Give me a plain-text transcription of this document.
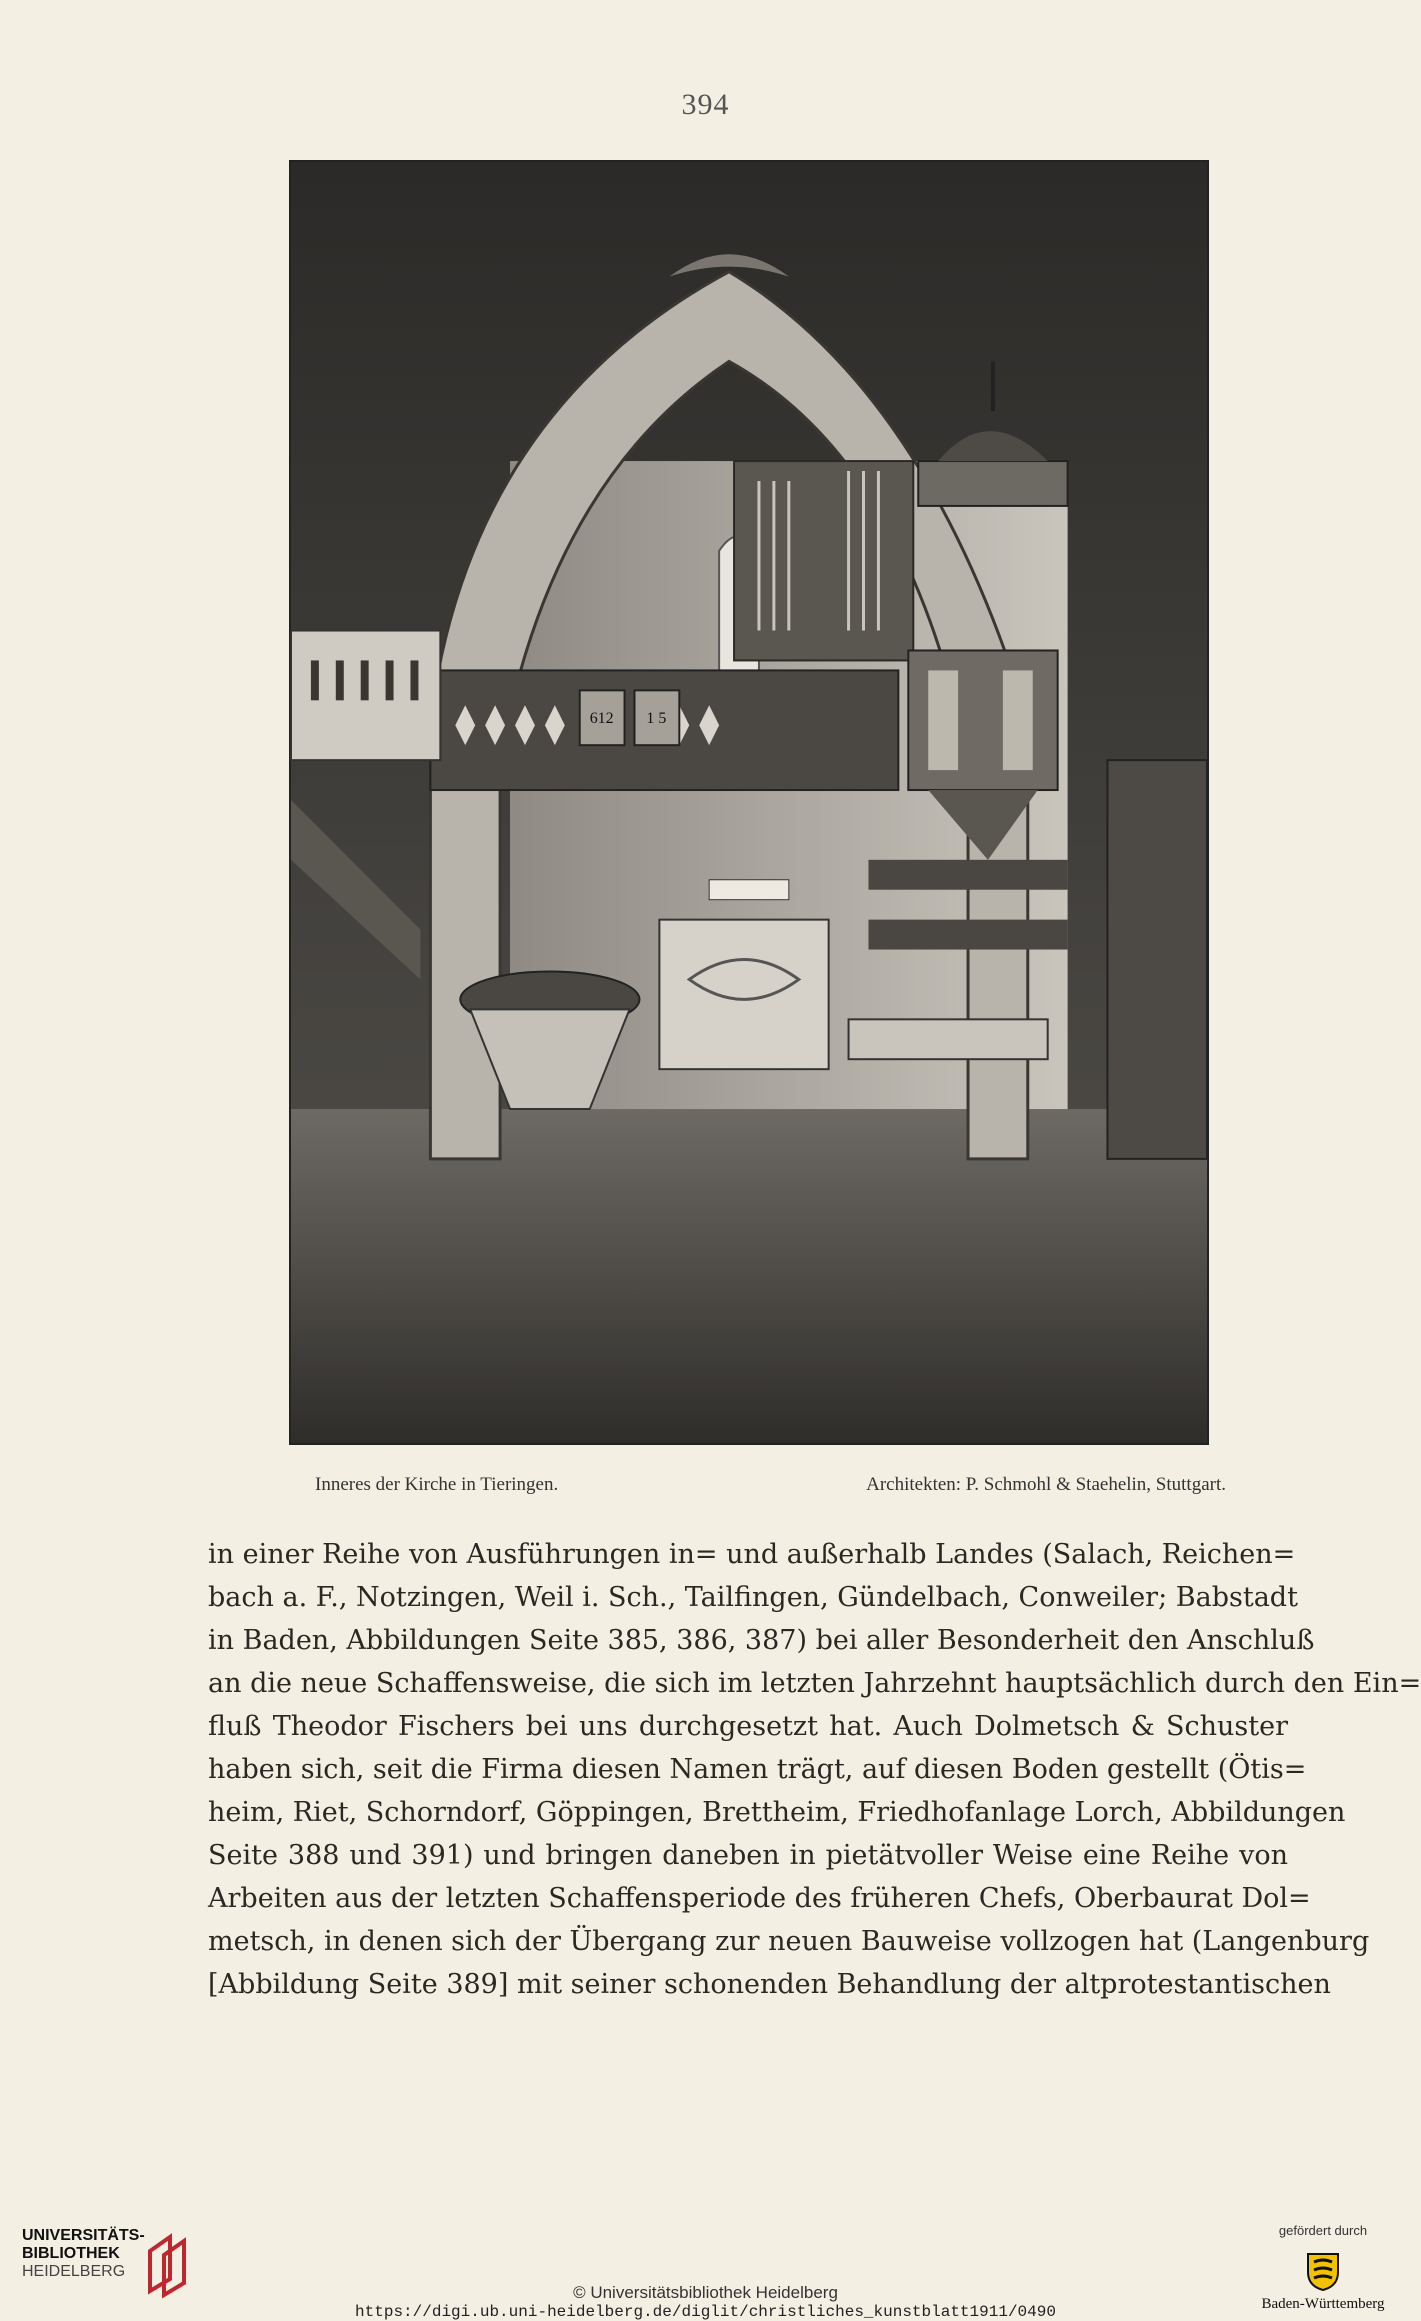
394
612 1 5
Inneres der Kirche in Tieringen.	Architekten: P. Schmohl & Staehelin, Stuttgart.
in einer Reihe von Ausführungen in= und außerhalb Landes (Salach, Reichen=
bach a. F., Notzingen, Weil i. Sch., Tailfingen, Gündelbach, Conweiler; Babstadt
in Baden, Abbildungen Seite 385, 386, 387) bei aller Besonderheit den Anschluß
an die neue Schaffensweise, die sich im letzten Jahrzehnt hauptsächlich durch den Ein=
fluß Theodor Fischers bei uns durchgesetzt hat. Auch Dolmetsch & Schuster
haben sich, seit die Firma diesen Namen trägt, auf diesen Boden gestellt (Ötis=
heim, Riet, Schorndorf, Göppingen, Brettheim, Friedhofanlage Lorch, Abbildungen
Seite 388 und 391) und bringen daneben in pietätvoller Weise eine Reihe von
Arbeiten aus der letzten Schaffensperiode des früheren Chefs, Oberbaurat Dol=
metsch, in denen sich der Übergang zur neuen Bauweise vollzogen hat (Langenburg
[Abbildung Seite 389] mit seiner schonenden Behandlung der altprotestantischen
UNIVERSITÄTS-
BIBLIOTHEK
HEIDELBERG
© Universitätsbibliothek Heidelberg
https://digi.ub.uni-heidelberg.de/diglit/christliches_kunstblatt1911/0490
gefördert durch
Baden-Württemberg
